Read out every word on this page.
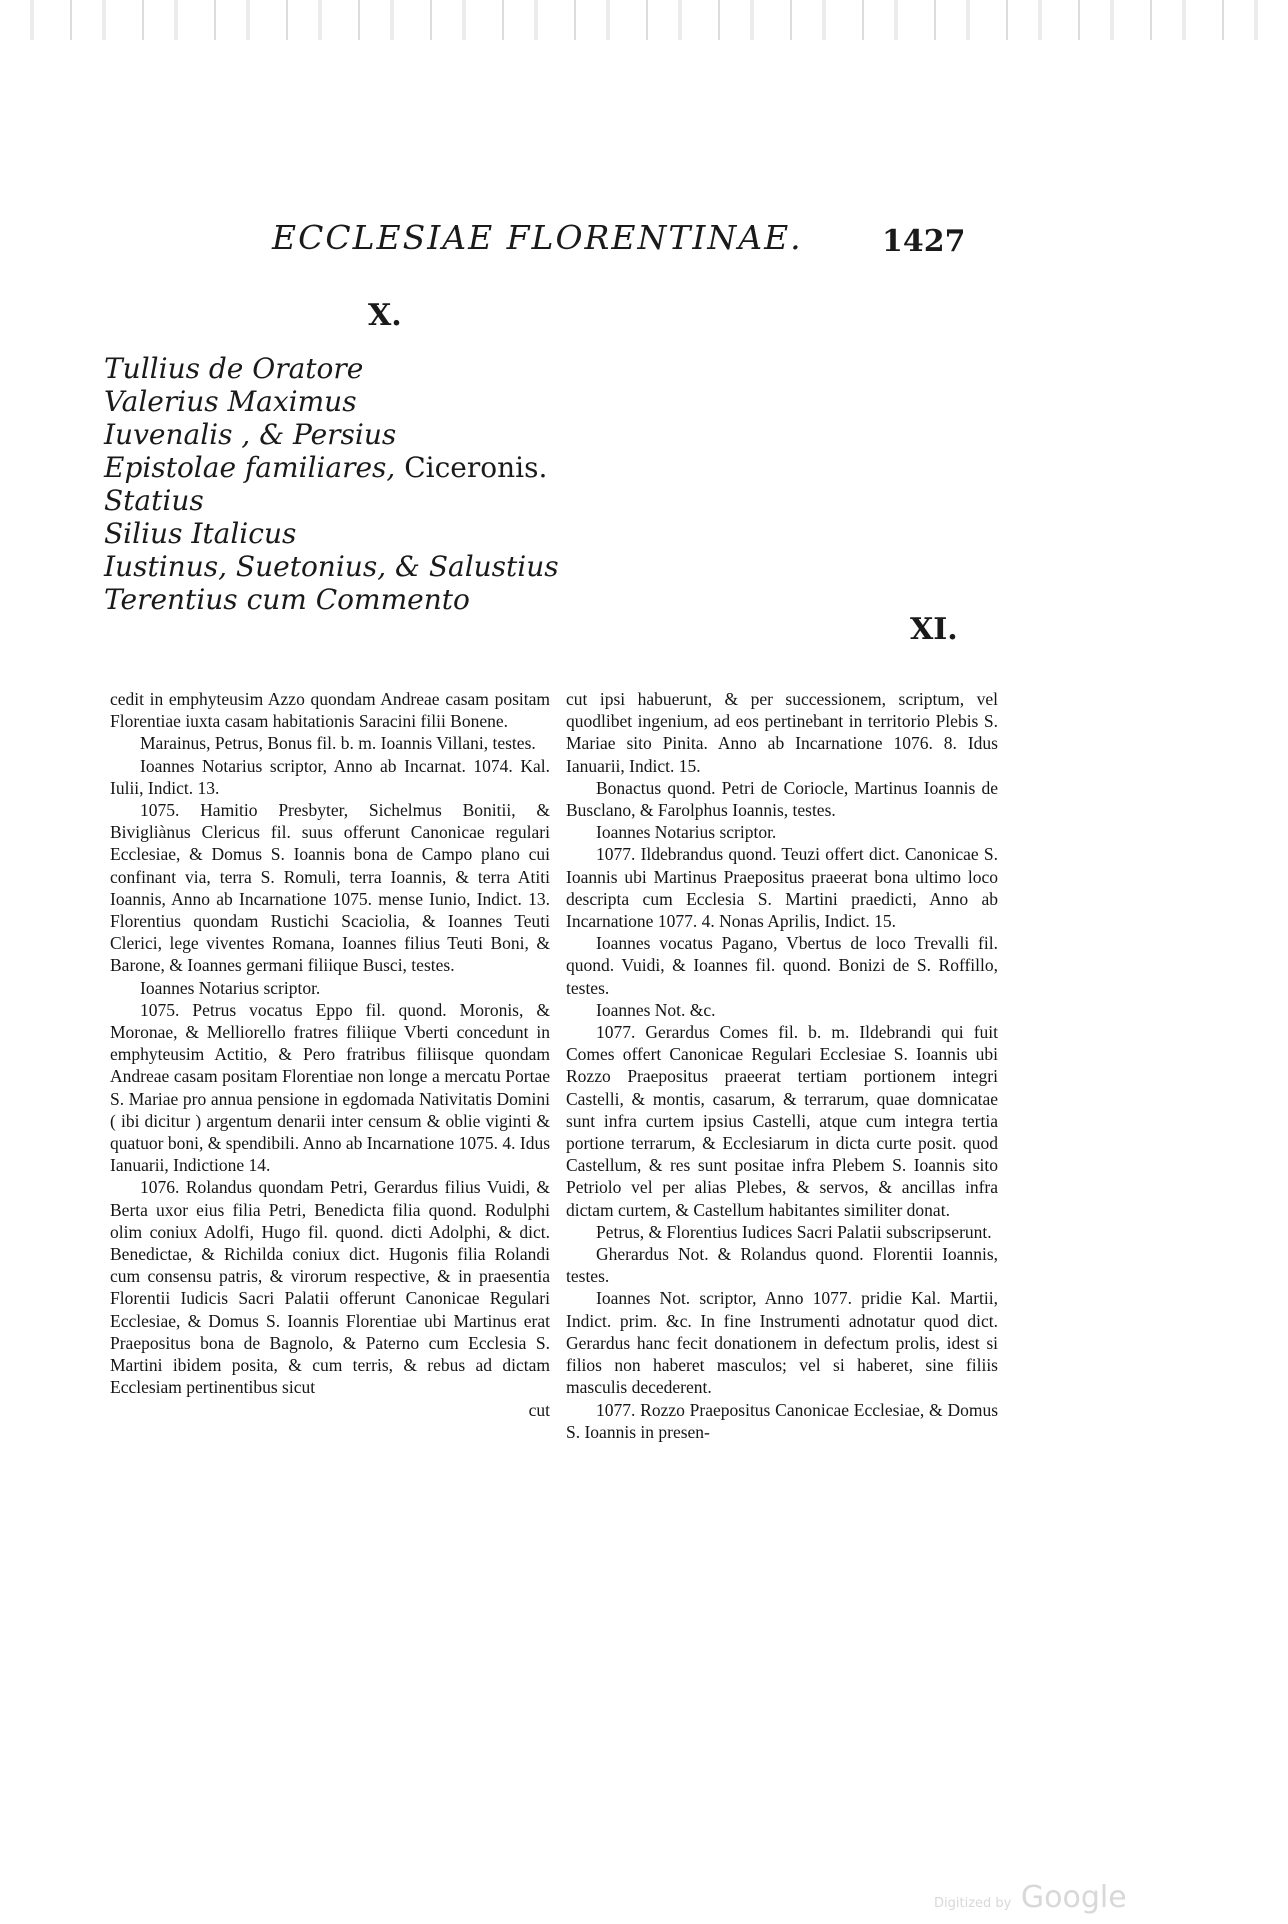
ECCLESIAE FLORENTINAE.	1427
X.
Tullius de Oratore
Valerius Maximus
Iuvenalis , & Persius
Epistolae familiares, Ciceronis.
Statius
Silius Italicus
Iustinus, Suetonius, & Salustius
Terentius cum Commento
XI.

cedit in emphyteusim Azzo quondam Andreae casam positam Florentiae iuxta casam habitationis Saracini filii Bonene.

Marainus, Petrus, Bonus fil. b. m. Ioannis Villani, testes.

Ioannes Notarius scriptor, Anno ab Incarnat. 1074. Kal. Iulii, Indict. 13.

1075. Hamitio Presbyter, Sichelmus Bonitii, & Bivigliànus Clericus fil. suus offerunt Canonicae regulari Ecclesiae, & Domus S. Ioannis bona de Campo plano cui confinant via, terra S. Romuli, terra Ioannis, & terra Atiti Ioannis, Anno ab Incarnatione 1075. mense Iunio, Indict. 13. Florentius quondam Rustichi Scaciolia, & Ioannes Teuti Clerici, lege viventes Romana, Ioannes filius Teuti Boni, & Barone, & Ioannes germani filiique Busci, testes.

Ioannes Notarius scriptor.

1075. Petrus vocatus Eppo fil. quond. Moronis, & Moronae, & Melliorello fratres filiique Vberti concedunt in emphyteusim Actitio, & Pero fratribus filiisque quondam Andreae casam positam Florentiae non longe a mercatu Portae S. Mariae pro annua pensione in egdomada Nativitatis Domini ( ibi dicitur ) argentum denarii inter censum & oblie viginti & quatuor boni, & spendibili. Anno ab Incarnatione 1075. 4. Idus Ianuarii, Indictione 14.

1076. Rolandus quondam Petri, Gerardus filius Vuidi, & Berta uxor eius filia Petri, Benedicta filia quond. Rodulphi olim coniux Adolfi, Hugo fil. quond. dicti Adolphi, & dict. Benedictae, & Richilda coniux dict. Hugonis filia Rolandi cum consensu patris, & virorum respective, & in praesentia Florentii Iudicis Sacri Palatii offerunt Canonicae Regulari Ecclesiae, & Domus S. Ioannis Florentiae ubi Martinus erat Praepositus bona de Bagnolo, & Paterno cum Ecclesia S. Martini ibidem posita, & cum terris, & rebus ad dictam Ecclesiam pertinentibus sicut

cut

cut ipsi habuerunt, & per successionem, scriptum, vel quodlibet ingenium, ad eos pertinebant in territorio Plebis S. Mariae sito Pinita. Anno ab Incarnatione 1076. 8. Idus Ianuarii, Indict. 15.

Bonactus quond. Petri de Coriocle, Martinus Ioannis de Busclano, & Farolphus Ioannis, testes.

Ioannes Notarius scriptor.

1077. Ildebrandus quond. Teuzi offert dict. Canonicae S. Ioannis ubi Martinus Praepositus praeerat bona ultimo loco descripta cum Ecclesia S. Martini praedicti, Anno ab Incarnatione 1077. 4. Nonas Aprilis, Indict. 15.

Ioannes vocatus Pagano, Vbertus de loco Trevalli fil. quond. Vuidi, & Ioannes fil. quond. Bonizi de S. Roffillo, testes.

Ioannes Not. &c.

1077. Gerardus Comes fil. b. m. Ildebrandi qui fuit Comes offert Canonicae Regulari Ecclesiae S. Ioannis ubi Rozzo Praepositus praeerat tertiam portionem integri Castelli, & montis, casarum, & terrarum, quae domnicatae sunt infra curtem ipsius Castelli, atque cum integra tertia portione terrarum, & Ecclesiarum in dicta curte posit. quod Castellum, & res sunt positae infra Plebem S. Ioannis sito Petriolo vel per alias Plebes, & servos, & ancillas infra dictam curtem, & Castellum habitantes similiter donat.

Petrus, & Florentius Iudices Sacri Palatii subscripserunt.

Gherardus Not. & Rolandus quond. Florentii Ioannis, testes.

Ioannes Not. scriptor, Anno 1077. pridie Kal. Martii, Indict. prim. &c. In fine Instrumenti adnotatur quod dict. Gerardus hanc fecit donationem in defectum prolis, idest si filios non haberet masculos; vel si haberet, sine filiis masculis decederent.

1077. Rozzo Praepositus Canonicae Ecclesiae, & Domus S. Ioannis in presen-

Digitized by Google
